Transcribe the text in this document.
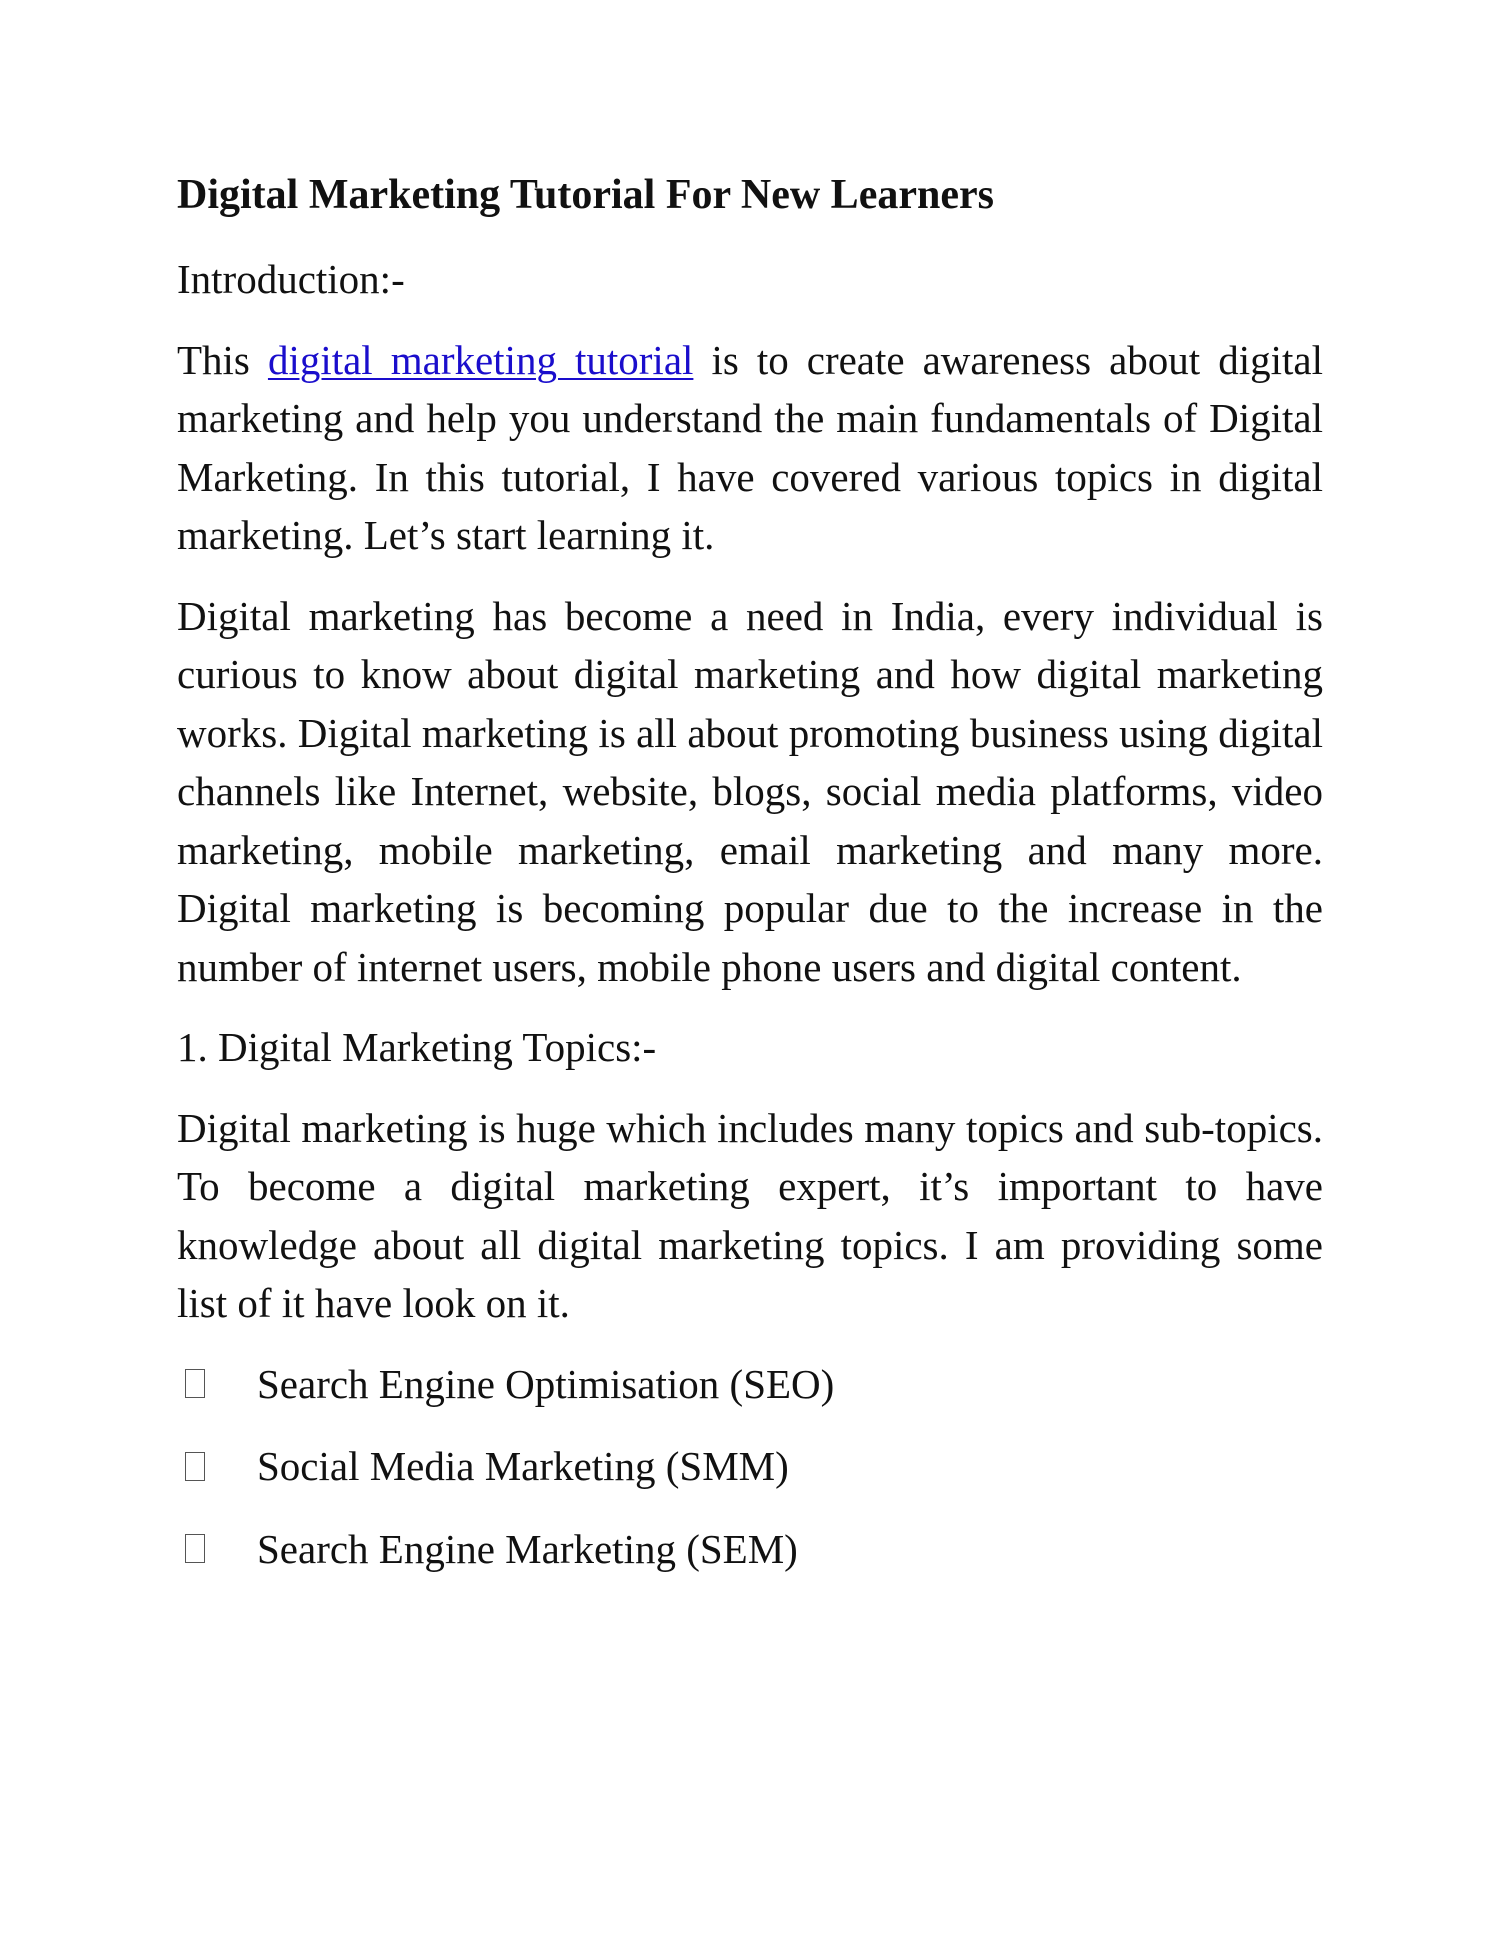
Digital Marketing Tutorial For New Learners

Introduction:-

This digital marketing tutorial is to create awareness about digital marketing and help you understand the main fundamentals of Digital Marketing. In this tutorial, I have covered various topics in digital marketing. Let’s start learning it.

Digital marketing has become a need in India, every individual is curious to know about digital marketing and how digital marketing works. Digital marketing is all about promoting business using digital channels like Internet, website, blogs, social media platforms, video marketing, mobile marketing, email marketing and many more. Digital marketing is becoming popular due to the increase in the number of internet users, mobile phone users and digital content.

1. Digital Marketing Topics:-

Digital marketing is huge which includes many topics and sub-topics. To become a digital marketing expert, it’s important to have knowledge about all digital marketing topics. I am providing some list of it have look on it.

Search Engine Optimisation (SEO)
Social Media Marketing (SMM)
Search Engine Marketing (SEM)
